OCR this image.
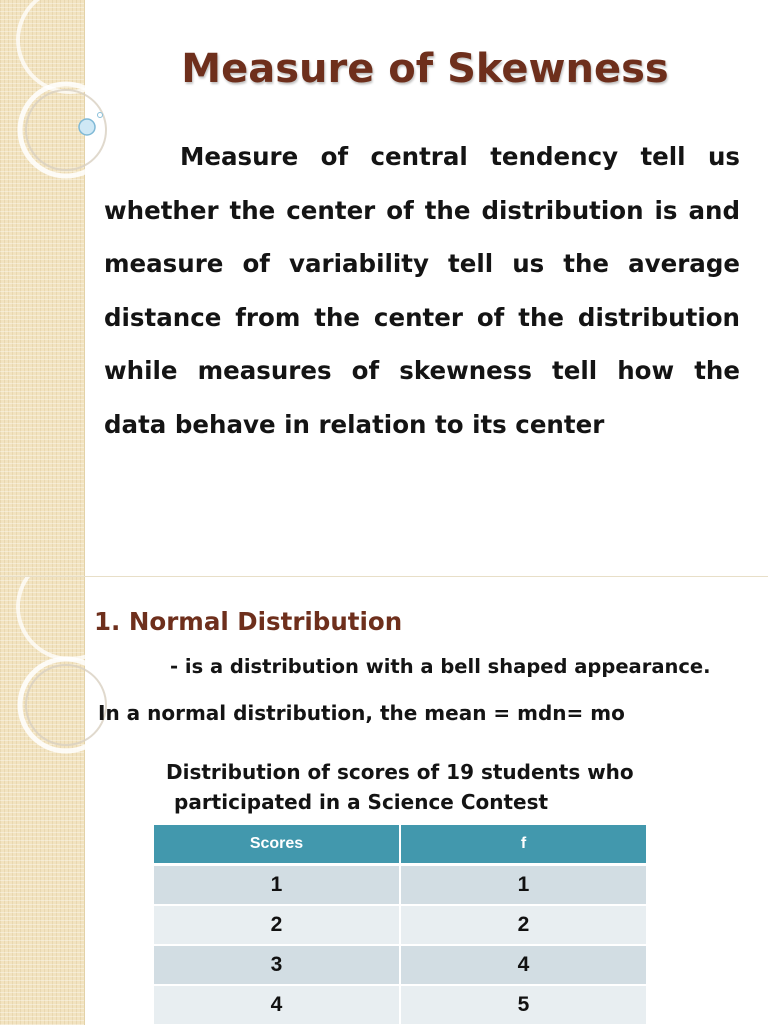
Measure of Skewness

Measure of central tendency tell us whether the center of the distribution is and measure of variability tell us the average distance from the center of the distribution while measures of skewness tell how the data behave in relation to its center

1. Normal Distribution

- is a distribution with a bell shaped appearance.

In a normal distribution, the mean = mdn= mo

Distribution of scores of 19 students who
participated in a Science Contest

Scores	f
1	1
2	2
3	4
4	5
